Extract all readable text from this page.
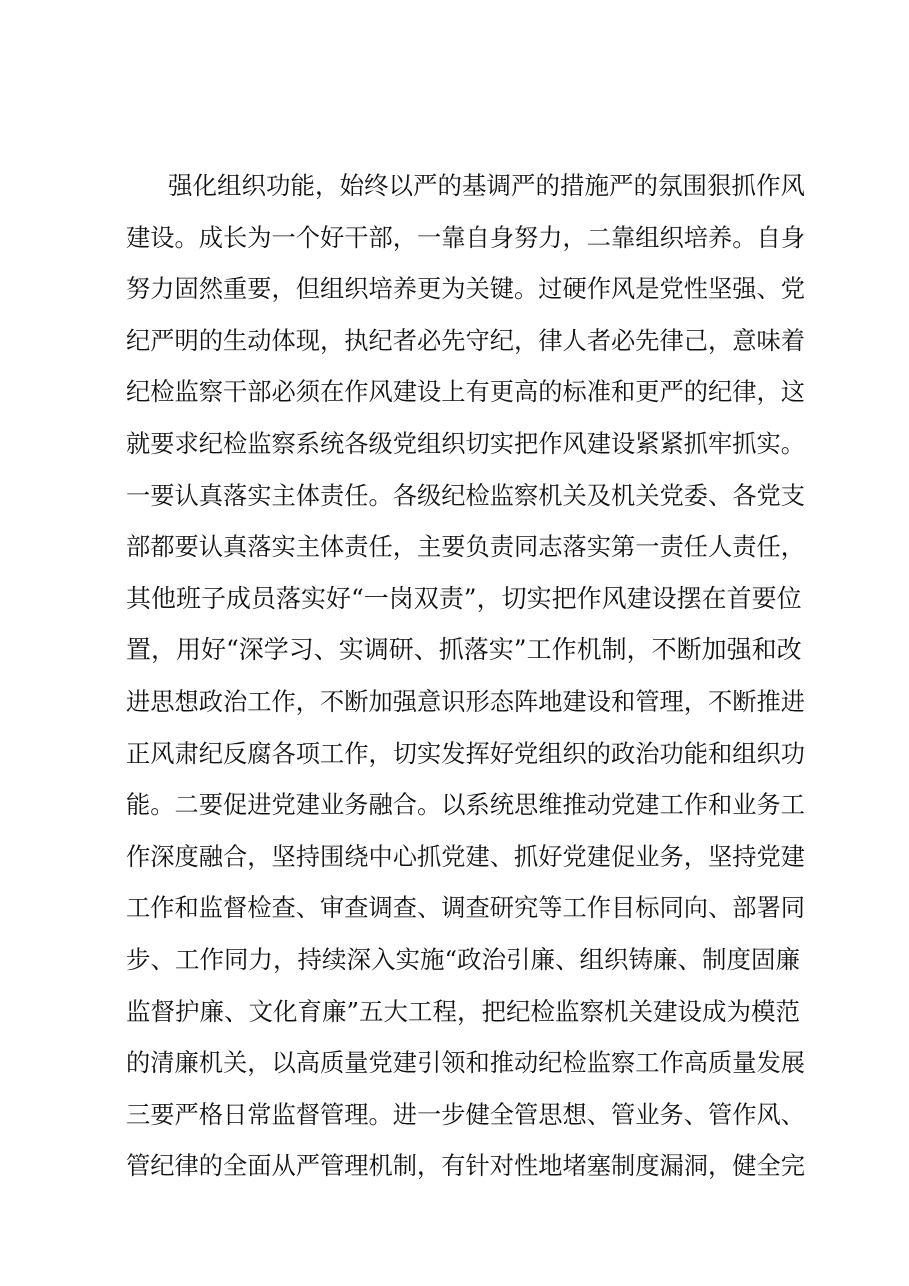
强化组织功能，始终以严的基调严的措施严的氛围狠抓作风
建设。成长为一个好干部，一靠自身努力，二靠组织培养。自身
努力固然重要，但组织培养更为关键。过硬作风是党性坚强、党
纪严明的生动体现，执纪者必先守纪，律人者必先律己，意味着
纪检监察干部必须在作风建设上有更高的标准和更严的纪律，这
就要求纪检监察系统各级党组织切实把作风建设紧紧抓牢抓实。
一要认真落实主体责任。各级纪检监察机关及机关党委、各党支
部都要认真落实主体责任，主要负责同志落实第一责任人责任，
其他班子成员落实好“一岗双责”，切实把作风建设摆在首要位
置，用好“深学习、实调研、抓落实”工作机制，不断加强和改
进思想政治工作，不断加强意识形态阵地建设和管理，不断推进
正风肃纪反腐各项工作，切实发挥好党组织的政治功能和组织功
能。二要促进党建业务融合。以系统思维推动党建工作和业务工
作深度融合，坚持围绕中心抓党建、抓好党建促业务，坚持党建
工作和监督检查、审查调查、调查研究等工作目标同向、部署同
步、工作同力，持续深入实施“政治引廉、组织铸廉、制度固廉
监督护廉、文化育廉”五大工程，把纪检监察机关建设成为模范
的清廉机关，以高质量党建引领和推动纪检监察工作高质量发展
三要严格日常监督管理。进一步健全管思想、管业务、管作风、
管纪律的全面从严管理机制，有针对性地堵塞制度漏洞，健全完
